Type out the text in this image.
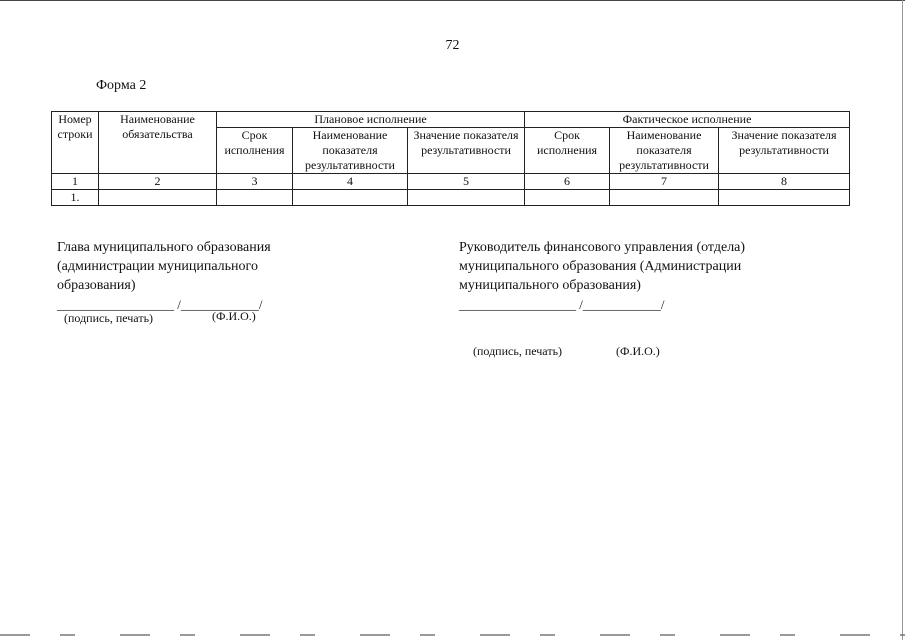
72
Форма 2
Номер строки	Наименование обязательства	Плановое исполнение			Фактическое исполнение		
		Срок исполнения	Наименование показателя результативности	Значение показателя результативности	Срок исполнения	Наименование показателя результативности	Значение показателя результативности
1	2	3	4	5	6	7	8
1.							
Глава муниципального образования
(администрации муниципального
образования)
__________________ /____________/
(подпись, печать)	(Ф.И.О.)
Руководитель финансового управления (отдела)
муниципального образования (Администрации
муниципального образования)
__________________ /____________/
(подпись, печать)	(Ф.И.О.)
